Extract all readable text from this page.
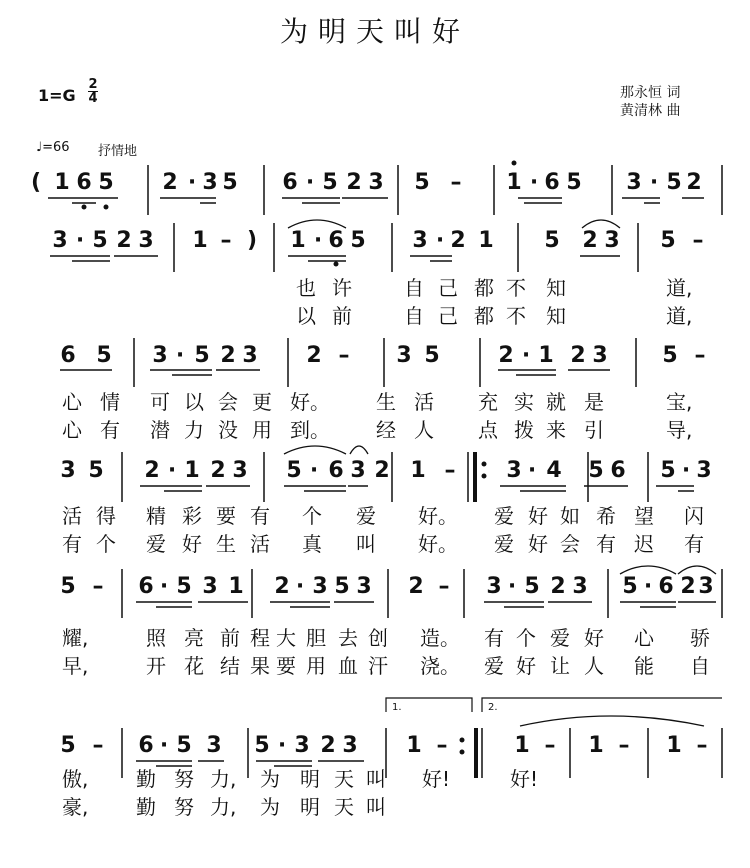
为明天叫好
1=G
2
4	那永恒 词
黄清林 曲
♩=66 抒情地
( 1 6 5 2 · 3 5 6 · 5 2 3 5 – 1 · 6 5 3 · 5 2
3 · 5 2 3 1 – ) 1 · 6 5 3 · 2 1 5 2 3 5 –
也 许	自 己 都 不 知	道,
以 前	自 己 都 不 知	道,
6 5 3 · 5 2 3 2 – 3 5	2 · 1 2 3 5 –
心 情 可 以 会 更 好。 生 活 充 实 就 是	宝,
心 有 潜 力 没 用 到。 经 人 点 拨 来 引	导,
3 5 2 · 1 2 3 5 · 6 3 2 1 – 3 · 4 5 6 5 · 3
活 得 精 彩 要 有 个 爱 好。 爱 好 如 希 望 闪
有 个 爱 好 生 活 真 叫 好。 爱 好 会 有 迟 有
5 – 6 · 5 3 1 2 · 3 5 3 2 – 3 · 5 2 3 5 · 6 2 3
耀,	照 亮 前 程 大 胆 去 创 造。 有 个 爱 好 心 骄
早,	开 花 结 果 要 用 血 汗 浇。 爱 好 让 人 能 自
5 – 6 · 5 3 5 · 3 2 3 1 –	1 – 1 – 1 –
傲, 勤 努 力, 为 明 天 叫 好!	好!
豪, 勤 努 力, 为 明 天 叫
1.	2.
